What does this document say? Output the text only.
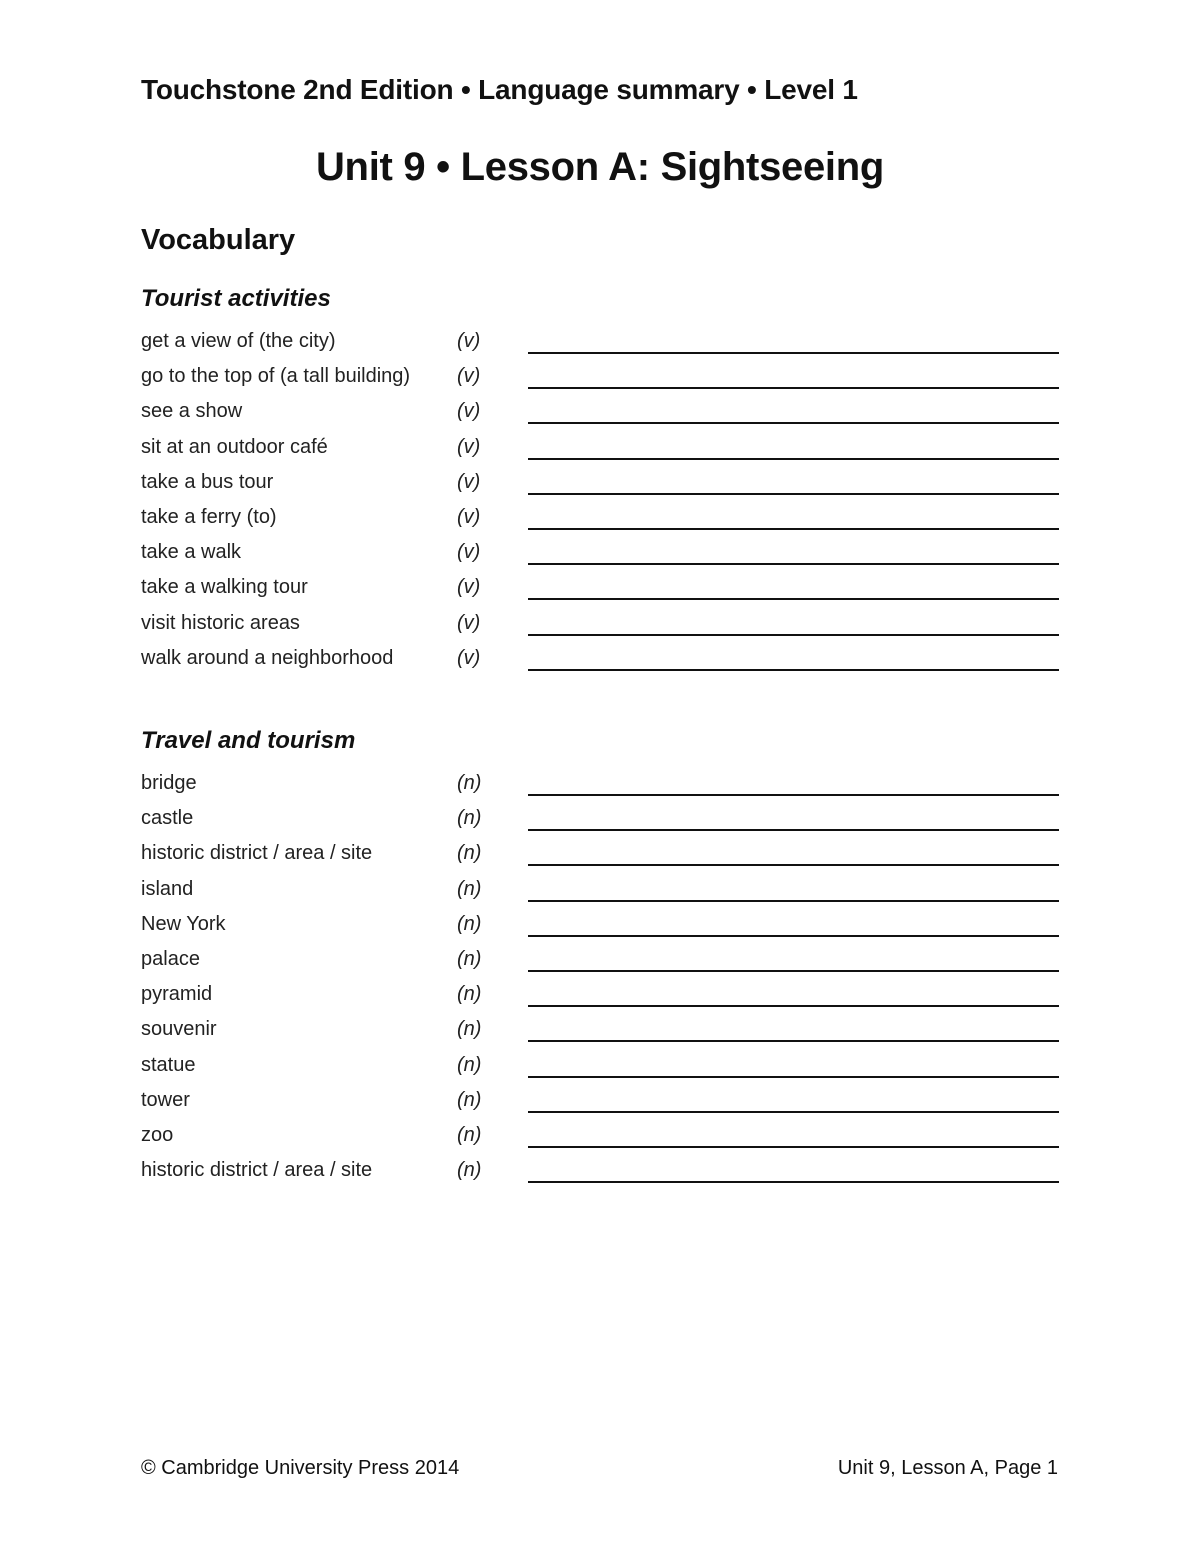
Touchstone 2nd Edition • Language summary • Level 1
Unit 9 • Lesson A: Sightseeing
Vocabulary
Tourist activities
get a view of (the city)	(v)
go to the top of (a tall building) (v)
see a show	(v)
sit at an outdoor café	(v)
take a bus tour	(v)
take a ferry (to)	(v)
take a walk	(v)
take a walking tour	(v)
visit historic areas	(v)
walk around a neighborhood	(v)
Travel and tourism
bridge	(n)
castle	(n)
historic district / area / site	(n)
island	(n)
New York	(n)
palace	(n)
pyramid	(n)
souvenir	(n)
statue	(n)
tower	(n)
zoo	(n)
historic district / area / site	(n)
© Cambridge University Press 2014	Unit 9, Lesson A, Page 1
